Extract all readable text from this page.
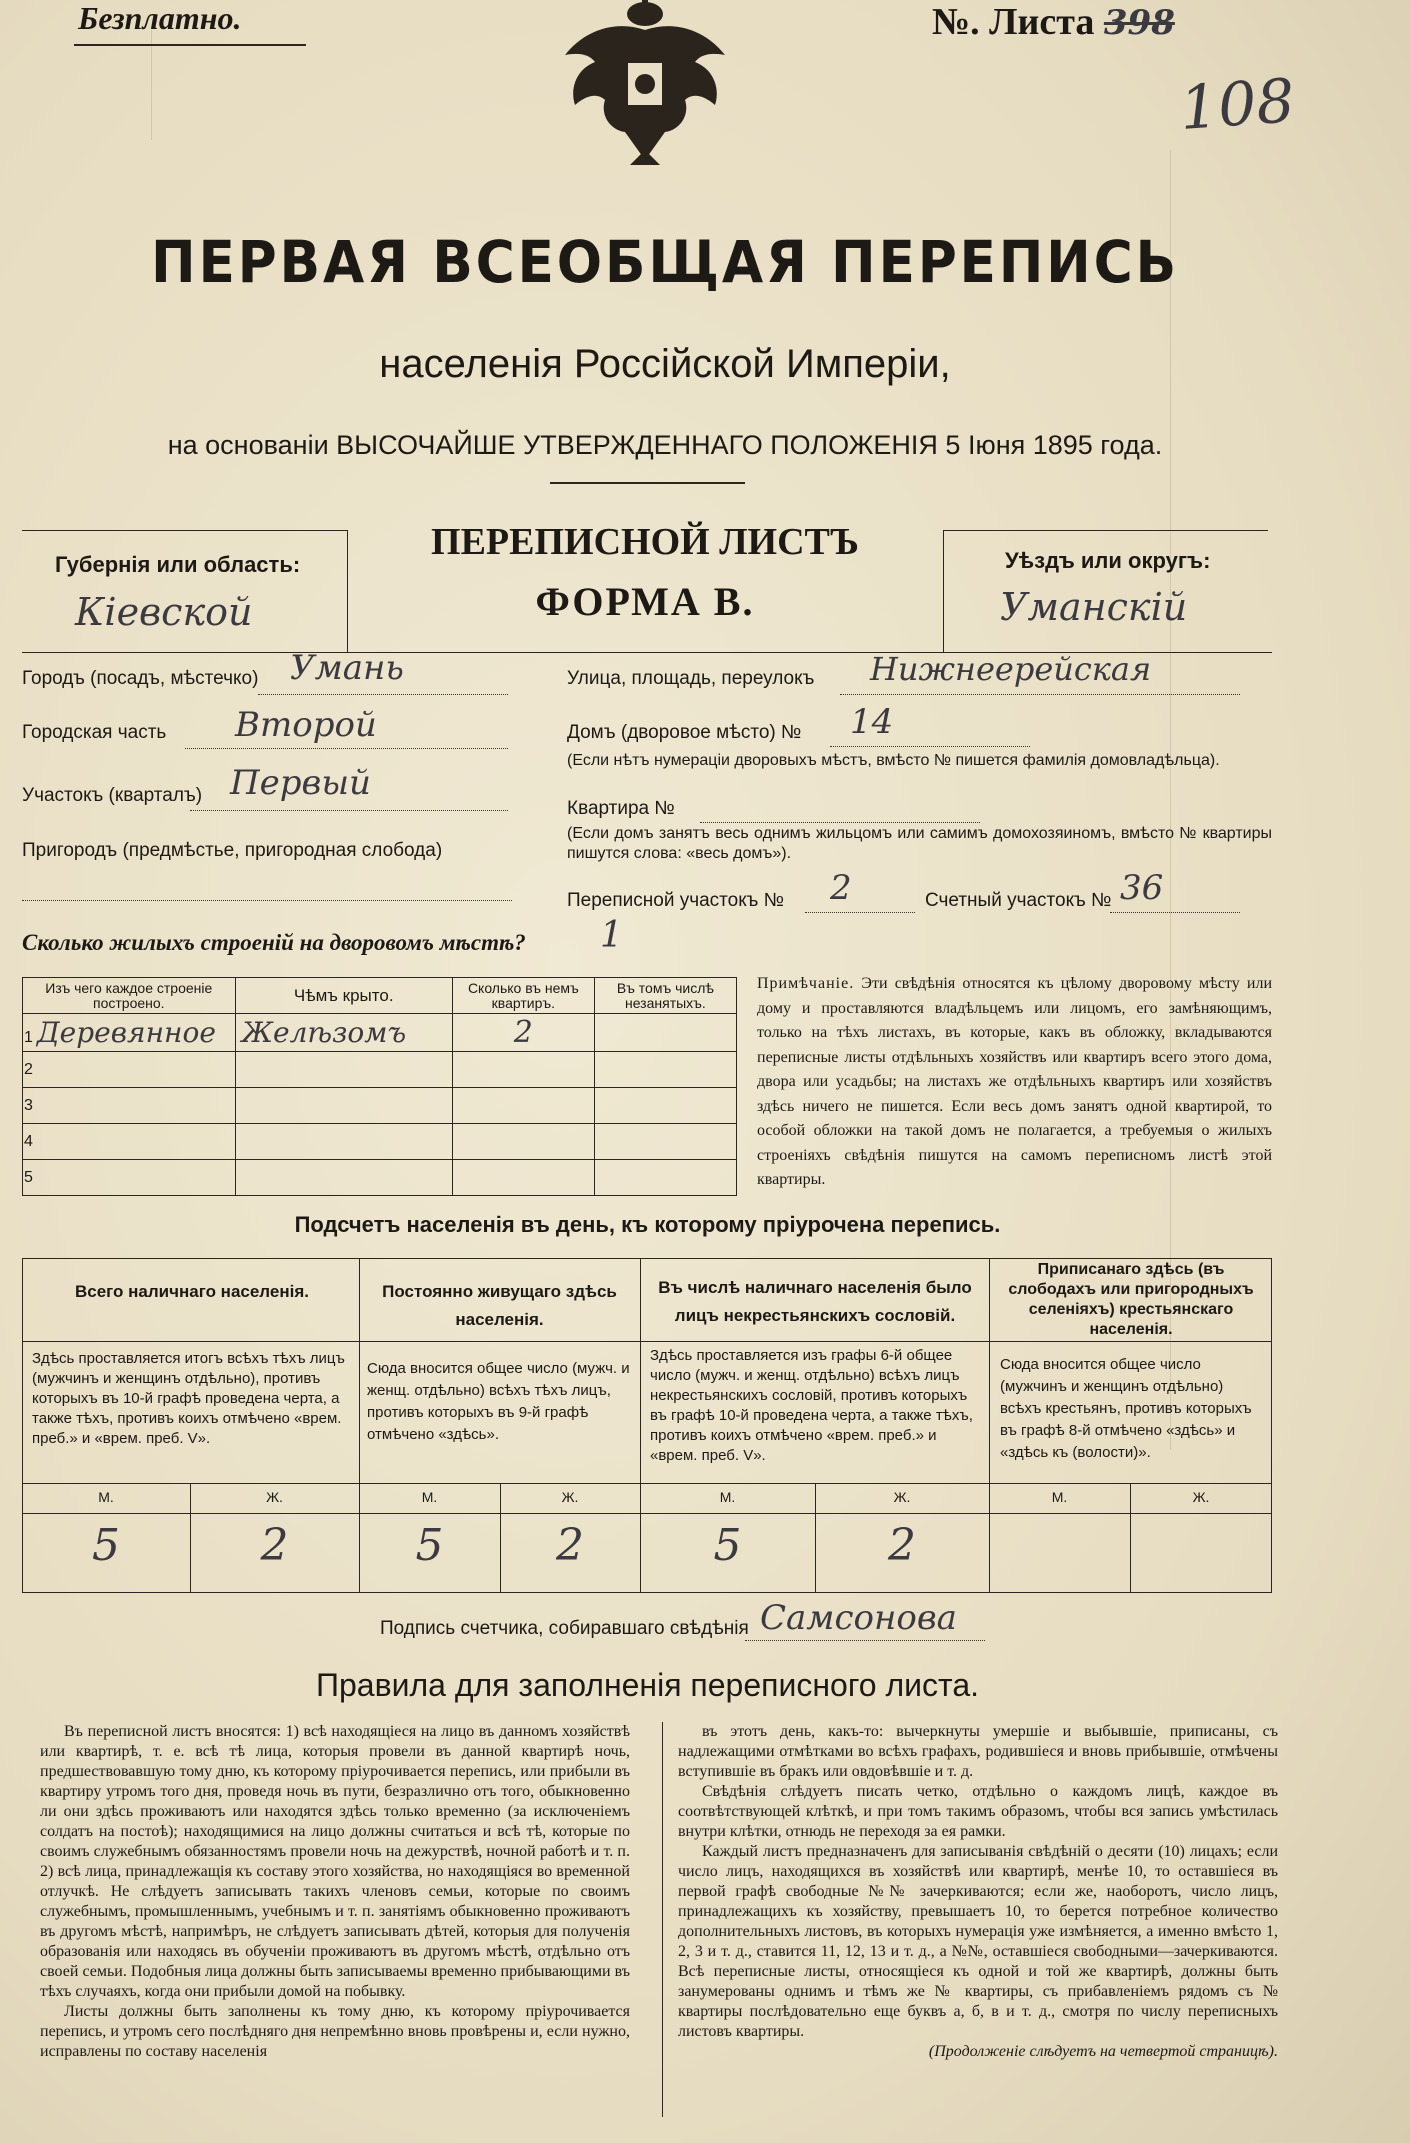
Безплатно.	№. Листа 398
108
ПЕРВАЯ ВСЕОБЩАЯ ПЕРЕПИСЬ
населенія Россійской Имперіи,
на основаніи ВЫСОЧАЙШЕ УТВЕРЖДЕННАГО ПОЛОЖЕНІЯ 5 Іюня 1895 года.
Губернія или область:
Кіевской
ПЕРЕПИСНОЙ ЛИСТЪ
ФОРМА В.
Уѣздъ или округъ:
Уманскій
Городъ (посадъ, мѣстечко) Умань
Городская часть Второй
Участокъ (кварталъ) Первый
Пригородъ (предмѣстье, пригородная слобода)
Улица, площадь, переулокъ Нижнеерейская
Домъ (дворовое мѣсто) № 14
(Если нѣтъ нумераціи дворовыхъ мѣстъ, вмѣсто № пишется фамилія домовладѣльца).
Квартира №
(Если домъ занятъ весь однимъ жильцомъ или самимъ домохозяиномъ, вмѣсто № квартиры пишутся слова: «весь домъ»).
Переписной участокъ № 2	Счетный участокъ № 36
Сколько жилыхъ строеній на дворовомъ мѣстѣ? 1
Изъ чего каждое строеніе построено.	Чѣмъ крыто.	Сколько въ немъ квартиръ.	Въ томъ числѣ незанятыхъ.
1 Деревянное	Желѣзомъ	2	
2			
3			
4			
5			
Примѣчаніе. Эти свѣдѣнія относятся къ цѣлому дворовому мѣсту или дому и проставляются владѣльцемъ или лицомъ, его замѣняющимъ, только на тѣхъ листахъ, въ которые, какъ въ обложку, вкладываются переписные листы отдѣльныхъ хозяйствъ или квартиръ всего этого дома, двора или усадьбы; на листахъ же отдѣльныхъ квартиръ или хозяйствъ здѣсь ничего не пишется. Если весь домъ занятъ одной квартирой, то особой обложки на такой домъ не полагается, а требуемыя о жилыхъ строеніяхъ свѣдѣнія пишутся на самомъ переписномъ листѣ этой квартиры.
Подсчетъ населенія въ день, къ которому пріурочена перепись.
Всего наличнаго населенія.	Постоянно живущаго здѣсь населенія.
Въ числѣ наличнаго населенія было лицъ некрестьянскихъ сословій.
Приписанаго здѣсь (въ слободахъ или пригородныхъ селеніяхъ) крестьянскаго населенія.
Здѣсь проставляется итогъ всѣхъ тѣхъ лицъ (мужчинъ и женщинъ отдѣльно), противъ которыхъ въ 10-й графѣ проведена черта, а также тѣхъ, противъ коихъ отмѣчено «врем. преб.» и «врем. преб. V».
Сюда вносится общее число (мужч. и женщ. отдѣльно) всѣхъ тѣхъ лицъ, противъ которыхъ въ 9-й графѣ отмѣчено «здѣсь».
Здѣсь проставляется изъ графы 6-й общее число (мужч. и женщ. отдѣльно) всѣхъ лицъ некрестьянскихъ сословій, противъ которыхъ въ графѣ 10-й проведена черта, а также тѣхъ, противъ коихъ отмѣчено «врем. преб.» и «врем. преб. V».
Сюда вносится общее число (мужчинъ и женщинъ отдѣльно) всѣхъ крестьянъ, противъ которыхъ въ графѣ 8-й отмѣчено «здѣсь» и «здѣсь къ (волости)».
М.	Ж.	М.	Ж.	М.	Ж.	М.	Ж.
5	2	5	2	5	2
Подпись счетчика, собиравшаго свѣдѣнія Самсонова
Правила для заполненія переписного листа.

Въ переписной листъ вносятся: 1) всѣ находящіеся на лицо въ данномъ хозяйствѣ или квартирѣ, т. е. всѣ тѣ лица, которыя провели въ данной квартирѣ ночь, предшествовавшую тому дню, къ которому пріурочивается перепись, или прибыли въ квартиру утромъ того дня, проведя ночь въ пути, безразлично отъ того, обыкновенно ли они здѣсь проживаютъ или находятся здѣсь только временно (за исключеніемъ солдатъ на постоѣ); находящимися на лицо должны считаться и всѣ тѣ, которые по своимъ служебнымъ обязанностямъ провели ночь на дежурствѣ, ночной работѣ и т. п. 2) всѣ лица, принадлежащія къ составу этого хозяйства, но находящіяся во временной отлучкѣ. Не слѣдуетъ записывать такихъ членовъ семьи, которые по своимъ служебнымъ, промышленнымъ, учебнымъ и т. п. занятіямъ обыкновенно проживаютъ въ другомъ мѣстѣ, напримѣръ, не слѣдуетъ записывать дѣтей, которыя для полученія образованія или находясь въ обученіи проживаютъ въ другомъ мѣстѣ, отдѣльно отъ своей семьи. Подобныя лица должны быть записываемы временно прибывающими въ тѣхъ случаяхъ, когда они прибыли домой на побывку.

Листы должны быть заполнены къ тому дню, къ которому пріурочивается перепись, и утромъ сего послѣдняго дня непремѣнно вновь провѣрены и, если нужно, исправлены по составу населенія

въ этотъ день, какъ-то: вычеркнуты умершіе и выбывшіе, приписаны, съ надлежащими отмѣтками во всѣхъ графахъ, родившіеся и вновь прибывшіе, отмѣчены вступившіе въ бракъ или овдовѣвшіе и т. д.

Свѣдѣнія слѣдуетъ писать четко, отдѣльно о каждомъ лицѣ, каждое въ соотвѣтствующей клѣткѣ, и при томъ такимъ образомъ, чтобы вся запись умѣстилась внутри клѣтки, отнюдь не переходя за ея рамки.

Каждый листъ предназначенъ для записыванія свѣдѣній о десяти (10) лицахъ; если число лицъ, находящихся въ хозяйствѣ или квартирѣ, менѣе 10, то оставшіеся въ первой графѣ свободные №№ зачеркиваются; если же, наоборотъ, число лицъ, принадлежащихъ къ хозяйству, превышаетъ 10, то берется потребное количество дополнительныхъ листовъ, въ которыхъ нумерація уже измѣняется, а именно вмѣсто 1, 2, 3 и т. д., ставится 11, 12, 13 и т. д., а №№, оставшіеся свободными—зачеркиваются. Всѣ переписные листы, относящіеся къ одной и той же квартирѣ, должны быть занумерованы однимъ и тѣмъ же № квартиры, съ прибавленіемъ рядомъ съ № квартиры послѣдовательно еще буквъ а, б, в и т. д., смотря по числу переписныхъ листовъ квартиры.

(Продолженіе слѣдуетъ на четвертой страницѣ).
